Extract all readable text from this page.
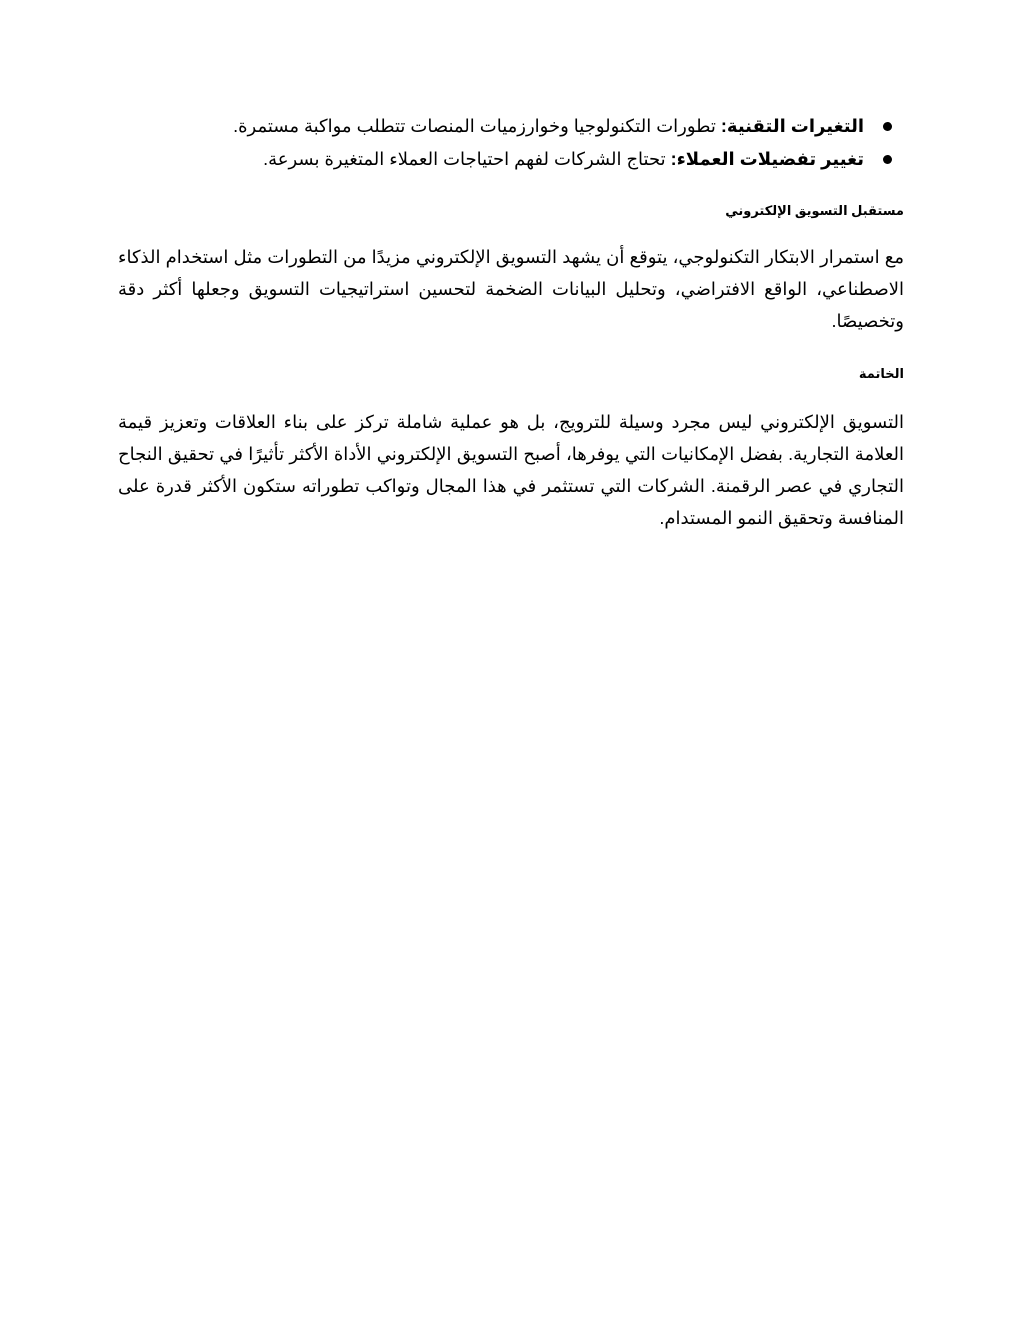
التغيرات التقنية: تطورات التكنولوجيا وخوارزميات المنصات تتطلب مواكبة مستمرة.
تغيير تفضيلات العملاء: تحتاج الشركات لفهم احتياجات العملاء المتغيرة بسرعة.
مستقبل التسويق الإلكتروني

مع استمرار الابتكار التكنولوجي، يتوقع أن يشهد التسويق الإلكتروني مزيدًا من التطورات مثل استخدام الذكاء الاصطناعي، الواقع الافتراضي، وتحليل البيانات الضخمة لتحسين استراتيجيات التسويق وجعلها أكثر دقة وتخصيصًا.

الخاتمة

التسويق الإلكتروني ليس مجرد وسيلة للترويج، بل هو عملية شاملة تركز على بناء العلاقات وتعزيز قيمة العلامة التجارية. بفضل الإمكانيات التي يوفرها، أصبح التسويق الإلكتروني الأداة الأكثر تأثيرًا في تحقيق النجاح التجاري في عصر الرقمنة. الشركات التي تستثمر في هذا المجال وتواكب تطوراته ستكون الأكثر قدرة على المنافسة وتحقيق النمو المستدام.
